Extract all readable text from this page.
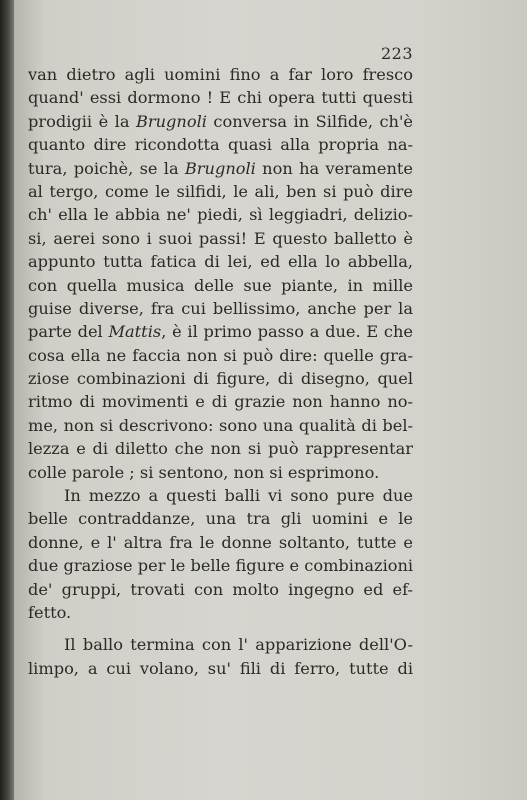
223
van dietro agli uomini fino a far loro fresco
quand' essi dormono ! E chi opera tutti questi
prodigii è la Brugnoli conversa in Silfide, ch'è
quanto dire ricondotta quasi alla propria na-
tura, poichè, se la Brugnoli non ha veramente
al tergo, come le silfidi, le ali, ben si può dire
ch' ella le abbia ne' piedi, sì leggiadri, delizio-
si, aerei sono i suoi passi! E questo balletto è
appunto tutta fatica di lei, ed ella lo abbella,
con quella musica delle sue piante, in mille
guise diverse, fra cui bellissimo, anche per la
parte del Mattis, è il primo passo a due. E che
cosa ella ne faccia non si può dire: quelle gra-
ziose combinazioni di figure, di disegno, quel
ritmo di movimenti e di grazie non hanno no-
me, non si descrivono: sono una qualità di bel-
lezza e di diletto che non si può rappresentar
colle parole ; si sentono, non si esprimono.
In mezzo a questi balli vi sono pure due
belle contraddanze, una tra gli uomini e le
donne, e l' altra fra le donne soltanto, tutte e
due graziose per le belle figure e combinazioni
de' gruppi, trovati con molto ingegno ed ef-
fetto.
Il ballo termina con l' apparizione dell'O-
limpo, a cui volano, su' fili di ferro, tutte di
